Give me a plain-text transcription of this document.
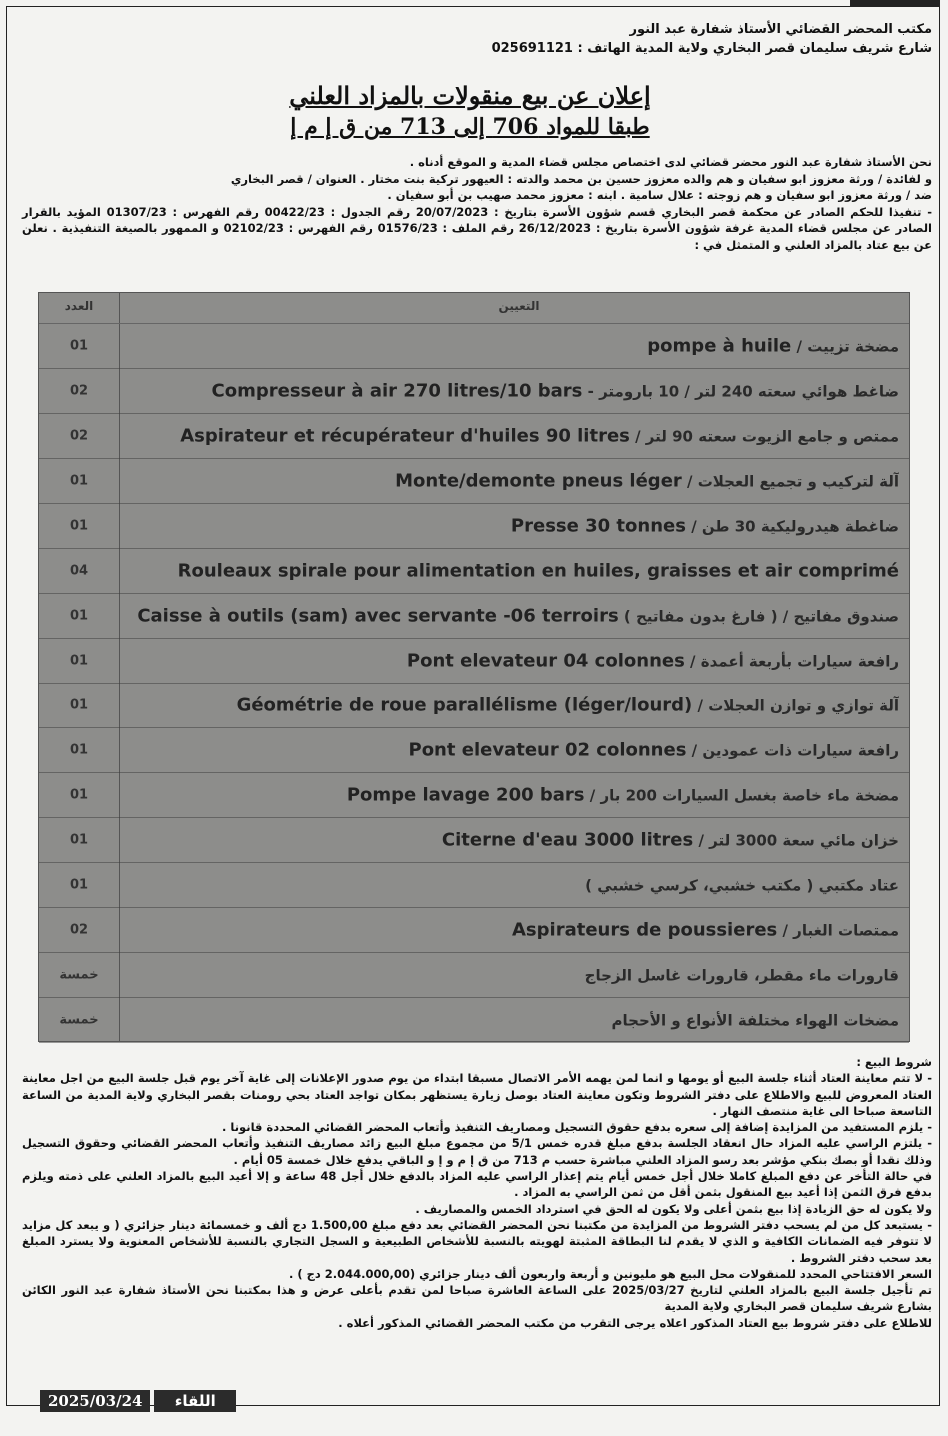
مكتب المحضر القضائي الأستاذ شفارة عبد النور
شارع شريف سليمان قصر البخاري ولاية المدية الهاتف : 025691121
إعلان عن بيع منقولات بالمزاد العلني
طبقا للمواد 706 إلى 713 من ق إ م إ

نحن الأستاذ شفارة عبد النور محضر قضائي لدى اختصاص مجلس قضاء المدية و الموقع أدناه .

و لفائدة / ورثة معزوز ابو سفيان و هم والده معزوز حسين بن محمد والدته : العيهور تركية بنت مختار . العنوان / قصر البخاري

ضد / ورثة معزوز ابو سفيان و هم زوجته : علال سامية . ابنه : معزوز محمد صهيب بن أبو سفيان .

- تنفيذا للحكم الصادر عن محكمة قصر البخاري قسم شؤون الأسرة بتاريخ : 20/07/2023 رقم الجدول : 00422/23 رقم الفهرس : 01307/23 المؤيد بالقرار الصادر عن مجلس قضاء المدية غرفة شؤون الأسرة بتاريخ : 26/12/2023 رقم الملف : 01576/23 رقم الفهرس : 02102/23 و الممهور بالصيغة التنفيذية . نعلن عن بيع عتاد بالمزاد العلني و المتمثل في :

التعيين
العدد
مضخة تزييت / pompe à huile
01
ضاغط هوائي سعته 240 لتر / 10 بارومتر - Compresseur à air 270 litres/10 bars
02
ممتص و جامع الزيوت سعته 90 لتر / Aspirateur et récupérateur d'huiles 90 litres
02
آلة لتركيب و تجميع العجلات / Monte/demonte pneus léger
01
ضاغطة هيدروليكية 30 طن / Presse 30 tonnes
01
Rouleaux spirale pour alimentation en huiles, graisses et air comprimé
04
صندوق مفاتيح / ( فارغ بدون مفاتيح ) Caisse à outils (sam) avec servante -06 terroirs
01
رافعة سيارات بأربعة أعمدة / Pont elevateur 04 colonnes
01
آلة توازي و توازن العجلات / Géométrie de roue parallélisme (léger/lourd)
01
رافعة سيارات ذات عمودين / Pont elevateur 02 colonnes
01
مضخة ماء خاصة بغسل السيارات 200 بار / Pompe lavage 200 bars
01
خزان مائي سعة 3000 لتر / Citerne d'eau 3000 litres
01
عتاد مكتبي ( مكتب خشبي، كرسي خشبي )
01
ممتصات الغبار / Aspirateurs de poussieres
02
قارورات ماء مقطر، قارورات غاسل الزجاج
خمسة
مضخات الهواء مختلفة الأنواع و الأحجام
خمسة

شروط البيع :

- لا تتم معاينة العتاد أثناء جلسة البيع أو يومها و انما لمن يهمه الأمر الاتصال مسبقا ابتداء من يوم صدور الإعلانات إلى غاية آخر يوم قبل جلسة البيع من اجل معاينة العتاد المعروض للبيع والاطلاع على دفتر الشروط وتكون معاينة العتاد بوصل زيارة يستظهر بمكان تواجد العتاد بحي رومنات بقصر البخاري ولاية المدية من الساعة التاسعة صباحا الى غاية منتصف النهار .

- يلزم المستفيد من المزايدة إضافة إلى سعره بدفع حقوق التسجيل ومصاريف التنفيذ وأتعاب المحضر القضائي المحددة قانونا .

- يلتزم الراسي عليه المزاد حال انعقاد الجلسة بدفع مبلغ قدره خمس 5/1 من مجموع مبلغ البيع زائد مصاريف التنفيذ وأتعاب المحضر القضائي وحقوق التسجيل وذلك نقدا أو بصك بنكي مؤشر بعد رسو المزاد العلني مباشرة حسب م 713 من ق إ م و إ و الباقي يدفع خلال خمسة 05 أيام .

في حالة التأخر عن دفع المبلغ كاملا خلال أجل خمس أيام يتم إعذار الراسي عليه المزاد بالدفع خلال أجل 48 ساعة و إلا أعيد البيع بالمزاد العلني على ذمته ويلزم بدفع فرق الثمن إذا أعيد بيع المنقول بثمن أقل من ثمن الراسي به المزاد .

ولا يكون له حق الزيادة إذا بيع بثمن أعلى ولا يكون له الحق في استرداد الخمس والمصاريف .

- يستبعد كل من لم يسحب دفتر الشروط من المزايدة من مكتبنا نحن المحضر القضائي بعد دفع مبلغ 1.500,00 دج ألف و خمسمائة دينار جزائري ( و يبعد كل مزايد لا تتوفر فيه الضمانات الكافية و الذي لا يقدم لنا البطاقة المثبتة لهويته بالنسبة للأشخاص الطبيعية و السجل التجاري بالنسبة للأشخاص المعنوية ولا يسترد المبلغ بعد سحب دفتر الشروط .

السعر الافتتاحي المحدد للمنقولات محل البيع هو مليونين و أربعة واربعون ألف دينار جزائري (2.044.000,00 دج ) .

تم تأجيل جلسة البيع بالمزاد العلني لتاريخ 2025/03/27 على الساعة العاشرة صباحا لمن تقدم بأعلى عرض و هذا بمكتبنا نحن الأستاذ شفارة عبد النور الكائن بشارع شريف سليمان قصر البخاري ولاية المدية

للاطلاع على دفتر شروط بيع العتاد المذكور اعلاه يرجى التقرب من مكتب المحضر القضائي المذكور أعلاه .

2025/03/24	اللقاء
